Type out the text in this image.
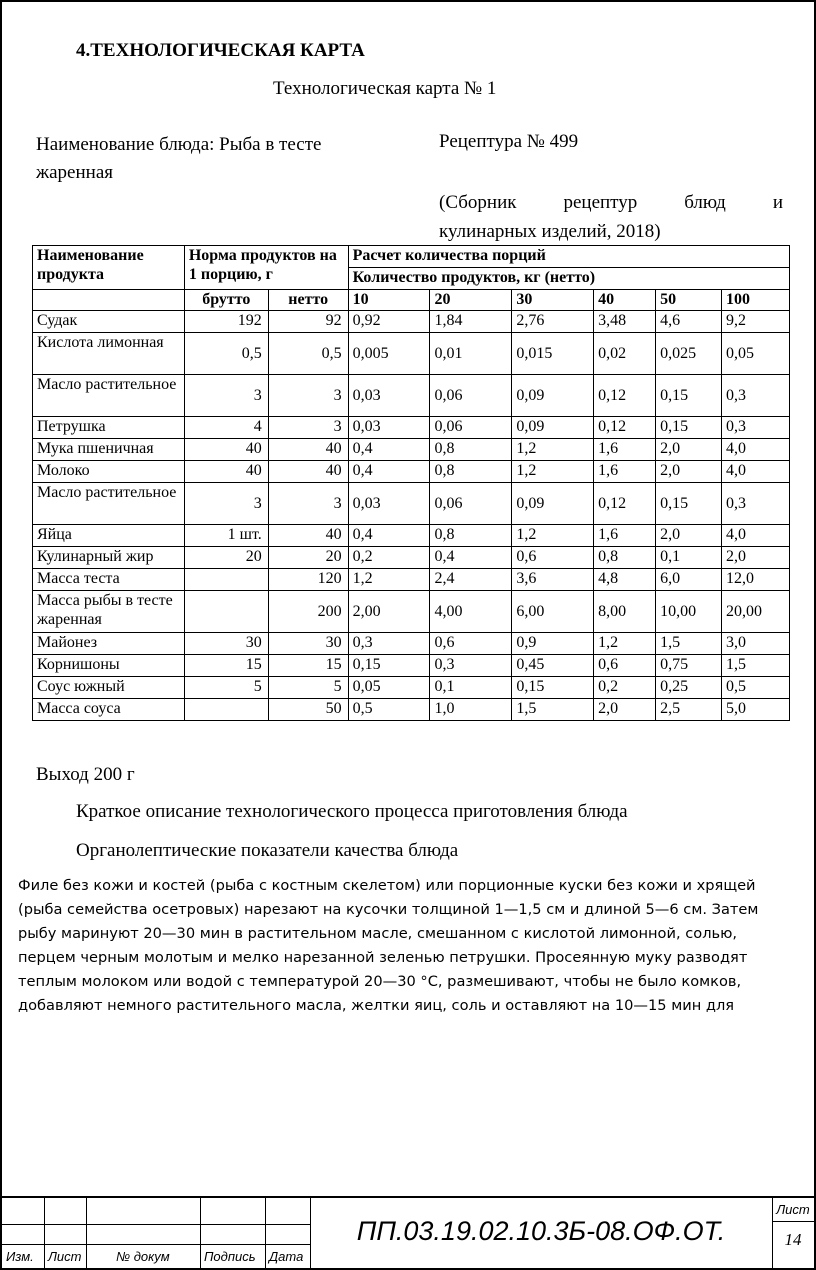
4.ТЕХНОЛОГИЧЕСКАЯ КАРТА
Технологическая карта № 1
Наименование блюда: Рыба в тесте
жаренная
Рецептура № 499
(Сборник рецептур блюд и
кулинарных изделий, 2018)
Наименование продукта	Норма продуктов на 1 порцию, г		Расчет количества порций					
			Количество продуктов, кг (нетто)					
	брутто	нетто	10	20	30	40	50	100
Судак	192	92	0,92	1,84	2,76	3,48	4,6	9,2
Кислота лимонная	0,5	0,5	0,005	0,01	0,015	0,02	0,025	0,05
Масло растительное	3	3	0,03	0,06	0,09	0,12	0,15	0,3
Петрушка	4	3	0,03	0,06	0,09	0,12	0,15	0,3
Мука пшеничная	40	40	0,4	0,8	1,2	1,6	2,0	4,0
Молоко	40	40	0,4	0,8	1,2	1,6	2,0	4,0
Масло растительное	3	3	0,03	0,06	0,09	0,12	0,15	0,3
Яйца	1 шт.	40	0,4	0,8	1,2	1,6	2,0	4,0
Кулинарный жир	20	20	0,2	0,4	0,6	0,8	0,1	2,0
Масса теста		120	1,2	2,4	3,6	4,8	6,0	12,0
Масса рыбы в тесте жаренная		200	2,00	4,00	6,00	8,00	10,00	20,00
Майонез	30	30	0,3	0,6	0,9	1,2	1,5	3,0
Корнишоны	15	15	0,15	0,3	0,45	0,6	0,75	1,5
Соус южный	5	5	0,05	0,1	0,15	0,2	0,25	0,5
Масса соуса		50	0,5	1,0	1,5	2,0	2,5	5,0
Выход 200 г
Краткое описание технологического процесса приготовления блюда
Органолептические показатели качества блюда
Филе без кожи и костей (рыба с костным скелетом) или порционные куски без кожи и хрящей (рыба семейства осетровых) нарезают на кусочки толщиной 1—1,5 см и длиной 5—6 см. Затем рыбу маринуют 20—30 мин в растительном масле, смешанном с кислотой лимонной, солью, перцем черным молотым и мелко нарезанной зеленью петрушки. Просеянную муку разводят теплым молоком или водой с температурой 20—30 °С, размешивают, чтобы не было комков, добавляют немного растительного масла, желтки яиц, соль и оставляют на 10—15 мин для
Изм. Лист	№ докум	Подпись Дата
ПП.03.19.02.10.3Б-08.ОФ.ОТ.
Лист
14
